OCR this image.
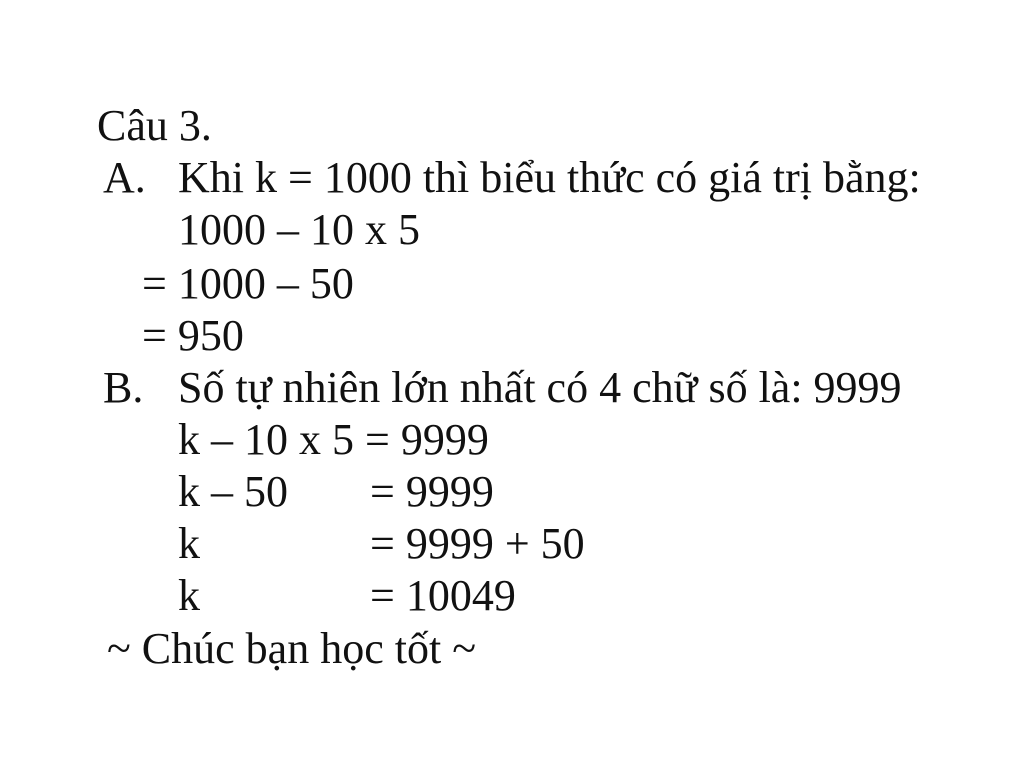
Câu 3.
A. Khi k = 1000 thì biểu thức có giá trị bằng:
1000 – 10 x 5
= 1000 – 50
= 950
B. Số tự nhiên lớn nhất có 4 chữ số là: 9999
k – 10 x 5 = 9999
k – 50 = 9999
k	= 9999 + 50
k	= 10049
~ Chúc bạn học tốt ~
